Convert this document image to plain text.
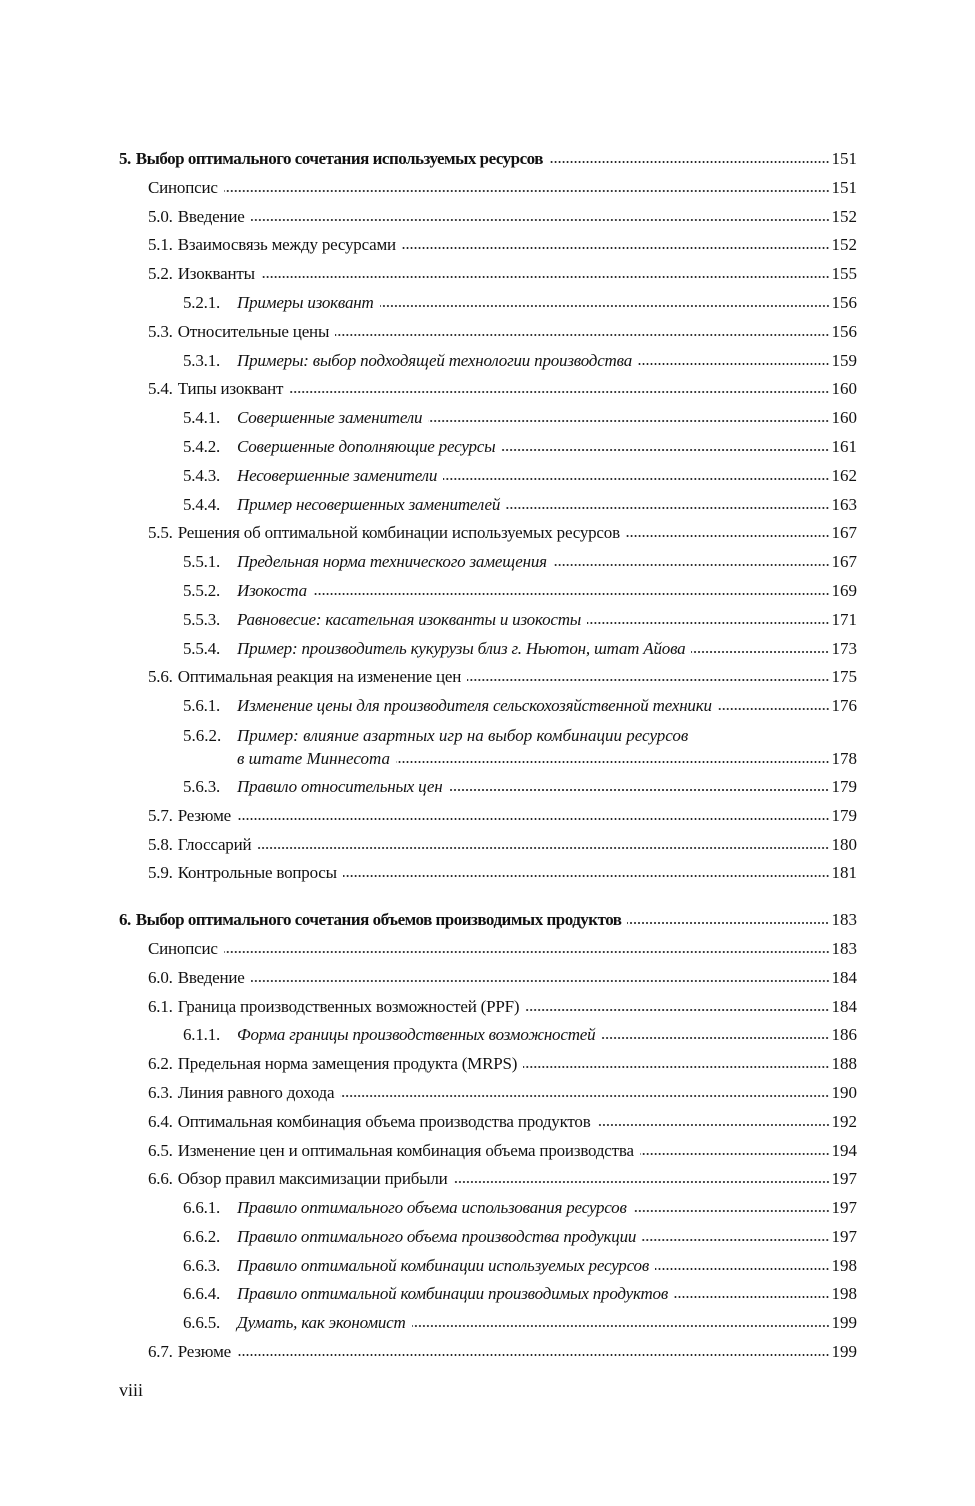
5. Выбор оптимального сочетания используемых ресурсов	151
Синопсис	151
5.0. Введение	152
5.1. Взаимосвязь между ресурсами	152
5.2. Изокванты	155
5.2.1. Примеры изоквант	156
5.3. Относительные цены	156
5.3.1. Примеры: выбор подходящей технологии производства	159
5.4. Типы изоквант	160
5.4.1. Совершенные заменители	160
5.4.2. Совершенные дополняющие ресурсы	161
5.4.3. Несовершенные заменители	162
5.4.4. Пример несовершенных заменителей	163
5.5. Решения об оптимальной комбинации используемых ресурсов	167
5.5.1. Предельная норма технического замещения	167
5.5.2. Изокоста	169
5.5.3. Равновесие: касательная изокванты и изокосты	171
5.5.4. Пример: производитель кукурузы близ г. Ньютон, штат Айова	173
5.6. Оптимальная реакция на изменение цен	175
5.6.1. Изменение цены для производителя сельскохозяйственной техники	176
5.6.2. Пример: влияние азартных игр на выбор комбинации ресурсов
в штате Миннесота	178
5.6.3. Правило относительных цен	179
5.7. Резюме	179
5.8. Глоссарий	180
5.9. Контрольные вопросы	181
6. Выбор оптимального сочетания объемов производимых продуктов	183
Синопсис	183
6.0. Введение	184
6.1. Граница производственных возможностей (PPF)	184
6.1.1. Форма границы производственных возможностей	186
6.2. Предельная норма замещения продукта (MRPS)	188
6.3. Линия равного дохода	190
6.4. Оптимальная комбинация объема производства продуктов	192
6.5. Изменение цен и оптимальная комбинация объема производства	194
6.6. Обзор правил максимизации прибыли	197
6.6.1. Правило оптимального объема использования ресурсов	197
6.6.2. Правило оптимального объема производства продукции	197
6.6.3. Правило оптимальной комбинации используемых ресурсов	198
6.6.4. Правило оптимальной комбинации производимых продуктов	198
6.6.5. Думать, как экономист	199
6.7. Резюме	199
viii
